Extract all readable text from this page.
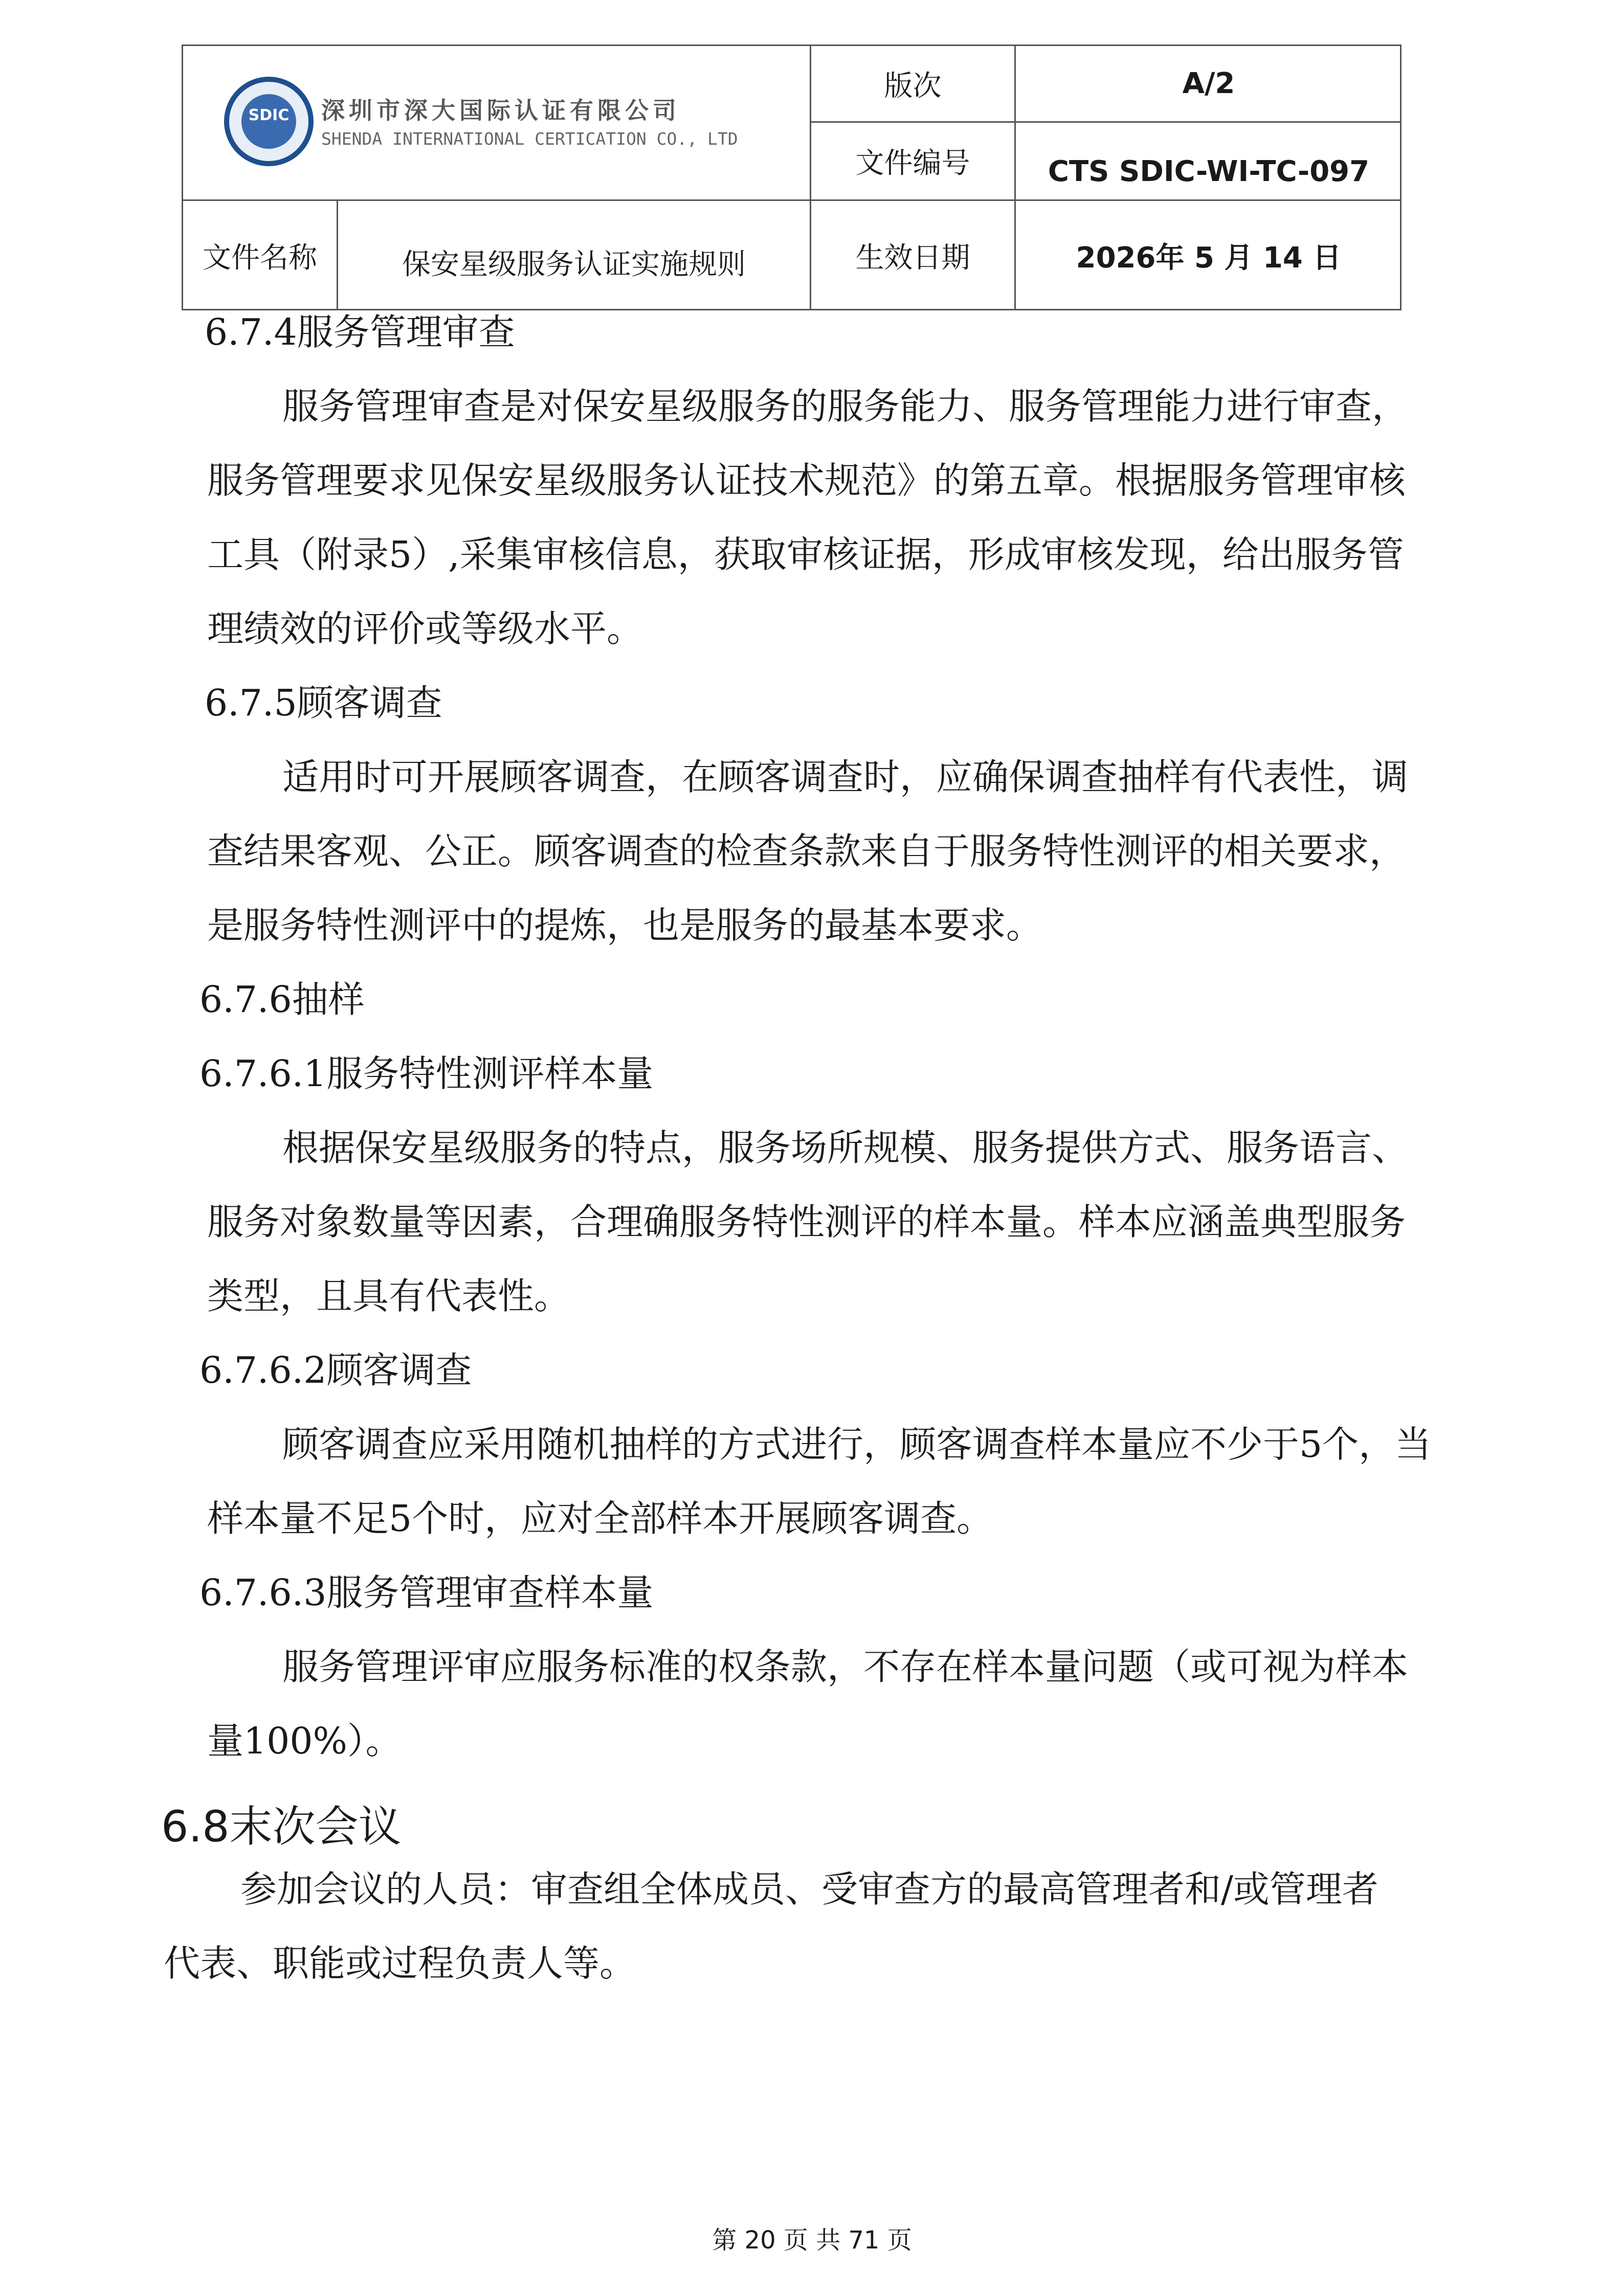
SDIC 深圳市深大国际认证有限公司
SHENDA INTERNATIONAL CERTICATION CO., LTD
版次	A/2
文件编号	CTS SDIC-WI-TC-097
文件名称	保安星级服务认证实施规则	生效日期	2026年 5 月 14 日
6.7.4服务管理审查
服务管理审查是对保安星级服务的服务能力、服务管理能力进行审查，
服务管理要求见保安星级服务认证技术规范》的第五章。根据服务管理审核
工具（附录5）,采集审核信息，获取审核证据，形成审核发现，给出服务管
理绩效的评价或等级水平。
6.7.5顾客调查
适用时可开展顾客调查，在顾客调查时，应确保调查抽样有代表性，调
查结果客观、公正。顾客调查的检查条款来自于服务特性测评的相关要求，
是服务特性测评中的提炼，也是服务的最基本要求。
6.7.6抽样
6.7.6.1服务特性测评样本量
根据保安星级服务的特点，服务场所规模、服务提供方式、服务语言、
服务对象数量等因素，合理确服务特性测评的样本量。样本应涵盖典型服务
类型，且具有代表性。
6.7.6.2顾客调查
顾客调查应采用随机抽样的方式进行，顾客调查样本量应不少于5个，当
样本量不足5个时，应对全部样本开展顾客调查。
6.7.6.3服务管理审查样本量
服务管理评审应服务标准的权条款，不存在样本量问题（或可视为样本
量100%）。
6.8末次会议
参加会议的人员：审查组全体成员、受审查方的最高管理者和/或管理者
代表、职能或过程负责人等。
第 20 页 共 71 页
